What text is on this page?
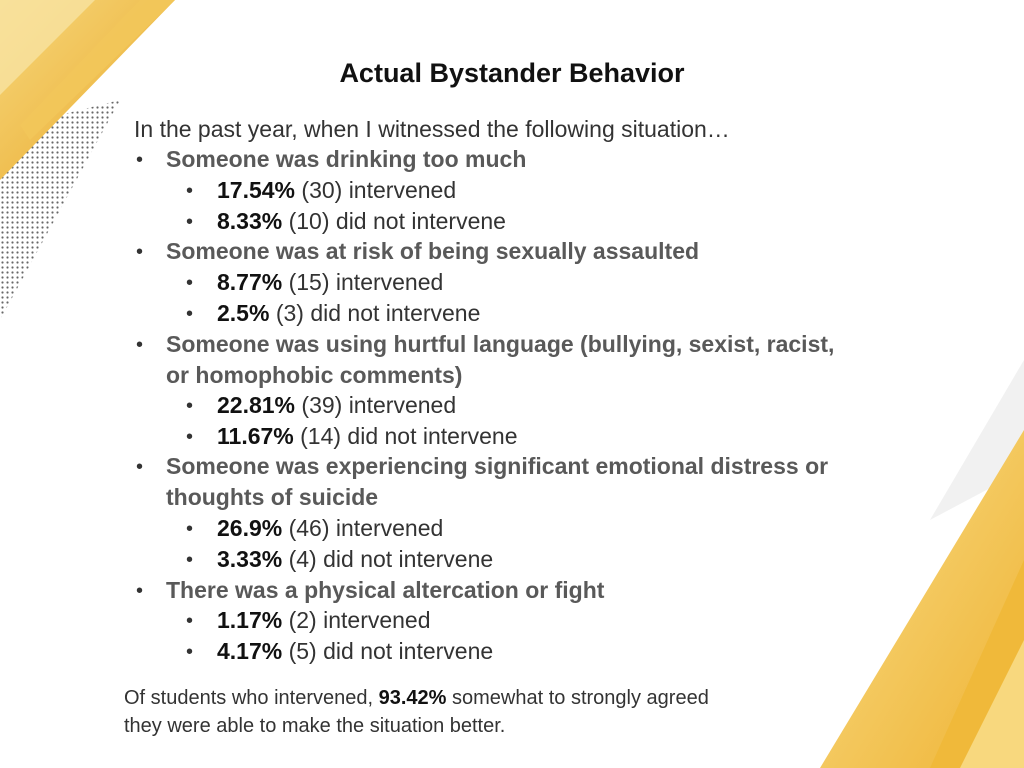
Actual Bystander Behavior
In the past year, when I witnessed the following situation…
• Someone was drinking too much
• 17.54% (30) intervened
• 8.33% (10) did not intervene
• Someone was at risk of being sexually assaulted
• 8.77% (15) intervened
• 2.5% (3) did not intervene
• Someone was using hurtful language (bullying, sexist, racist,
or homophobic comments)
• 22.81% (39) intervened
• 11.67% (14) did not intervene
• Someone was experiencing significant emotional distress or
thoughts of suicide
• 26.9% (46) intervened
• 3.33% (4) did not intervene
• There was a physical altercation or fight
• 1.17% (2) intervened
• 4.17% (5) did not intervene
Of students who intervened, 93.42% somewhat to strongly agreed
they were able to make the situation better.
